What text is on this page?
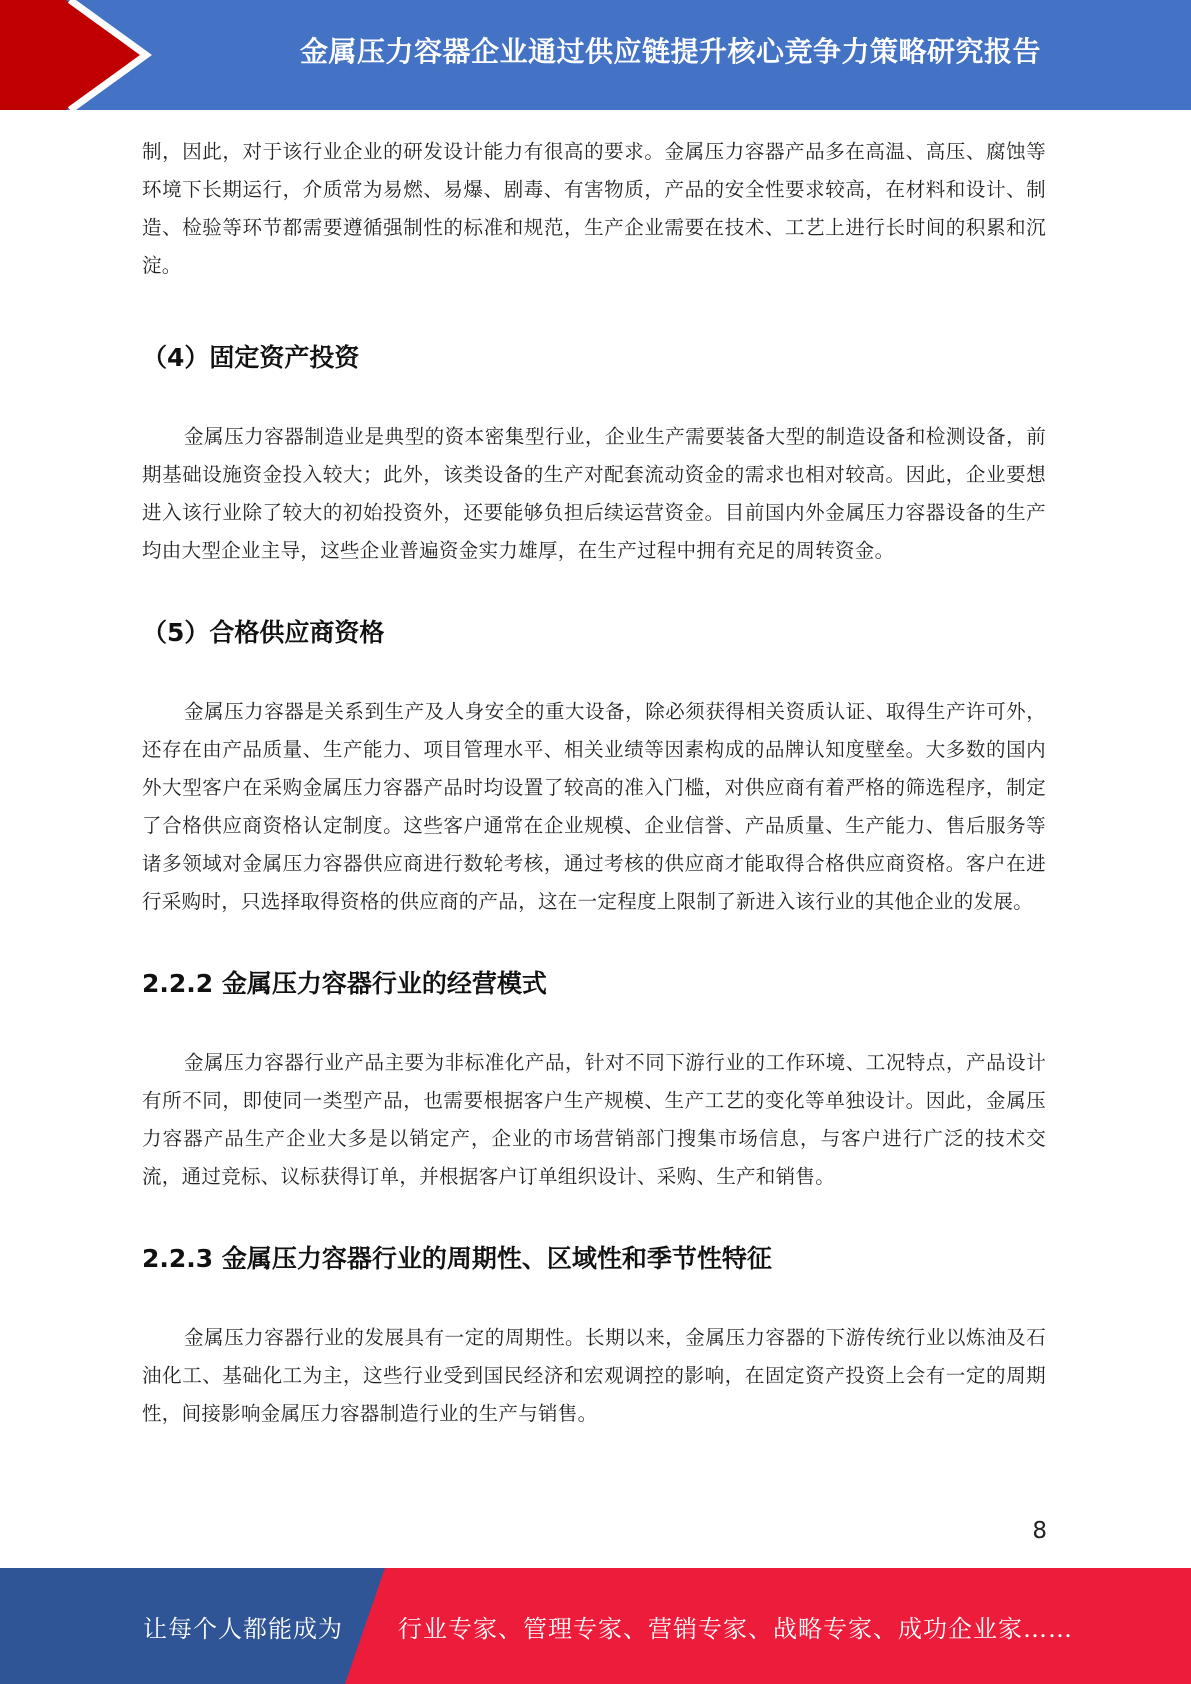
金属压力容器企业通过供应链提升核心竞争力策略研究报告

制，因此，对于该行业企业的研发设计能力有很高的要求。金属压力容器产品多在高温、高压、腐蚀等环境下长期运行，介质常为易燃、易爆、剧毒、有害物质，产品的安全性要求较高，在材料和设计、制造、检验等环节都需要遵循强制性的标准和规范，生产企业需要在技术、工艺上进行长时间的积累和沉淀。

（4）固定资产投资

金属压力容器制造业是典型的资本密集型行业，企业生产需要装备大型的制造设备和检测设备，前期基础设施资金投入较大；此外，该类设备的生产对配套流动资金的需求也相对较高。因此，企业要想进入该行业除了较大的初始投资外，还要能够负担后续运营资金。目前国内外金属压力容器设备的生产均由大型企业主导，这些企业普遍资金实力雄厚，在生产过程中拥有充足的周转资金。

（5）合格供应商资格

金属压力容器是关系到生产及人身安全的重大设备，除必须获得相关资质认证、取得生产许可外，还存在由产品质量、生产能力、项目管理水平、相关业绩等因素构成的品牌认知度壁垒。大多数的国内外大型客户在采购金属压力容器产品时均设置了较高的准入门槛，对供应商有着严格的筛选程序，制定了合格供应商资格认定制度。这些客户通常在企业规模、企业信誉、产品质量、生产能力、售后服务等诸多领域对金属压力容器供应商进行数轮考核，通过考核的供应商才能取得合格供应商资格。客户在进行采购时，只选择取得资格的供应商的产品，这在一定程度上限制了新进入该行业的其他企业的发展。

2.2.2 金属压力容器行业的经营模式

金属压力容器行业产品主要为非标准化产品，针对不同下游行业的工作环境、工况特点，产品设计有所不同，即使同一类型产品，也需要根据客户生产规模、生产工艺的变化等单独设计。因此，金属压力容器产品生产企业大多是以销定产，企业的市场营销部门搜集市场信息，与客户进行广泛的技术交流，通过竞标、议标获得订单，并根据客户订单组织设计、采购、生产和销售。

2.2.3 金属压力容器行业的周期性、区域性和季节性特征

金属压力容器行业的发展具有一定的周期性。长期以来，金属压力容器的下游传统行业以炼油及石油化工、基础化工为主，这些行业受到国民经济和宏观调控的影响，在固定资产投资上会有一定的周期性，间接影响金属压力容器制造行业的生产与销售。

8
让每个人都能成为 行业专家、管理专家、营销专家、战略专家、成功企业家……
